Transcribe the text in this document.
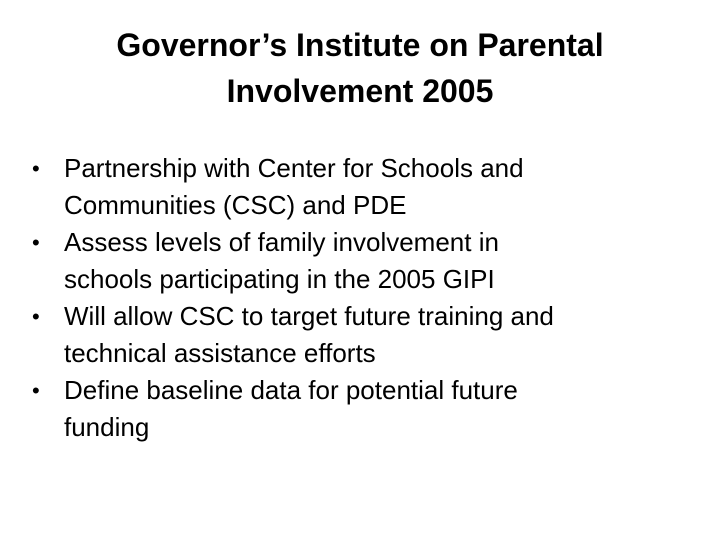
Governor’s Institute on Parental
Involvement 2005
• Partnership with Center for Schools and
Communities (CSC) and PDE
• Assess levels of family involvement in
schools participating in the 2005 GIPI
• Will allow CSC to target future training and
technical assistance efforts
• Define baseline data for potential future
funding
